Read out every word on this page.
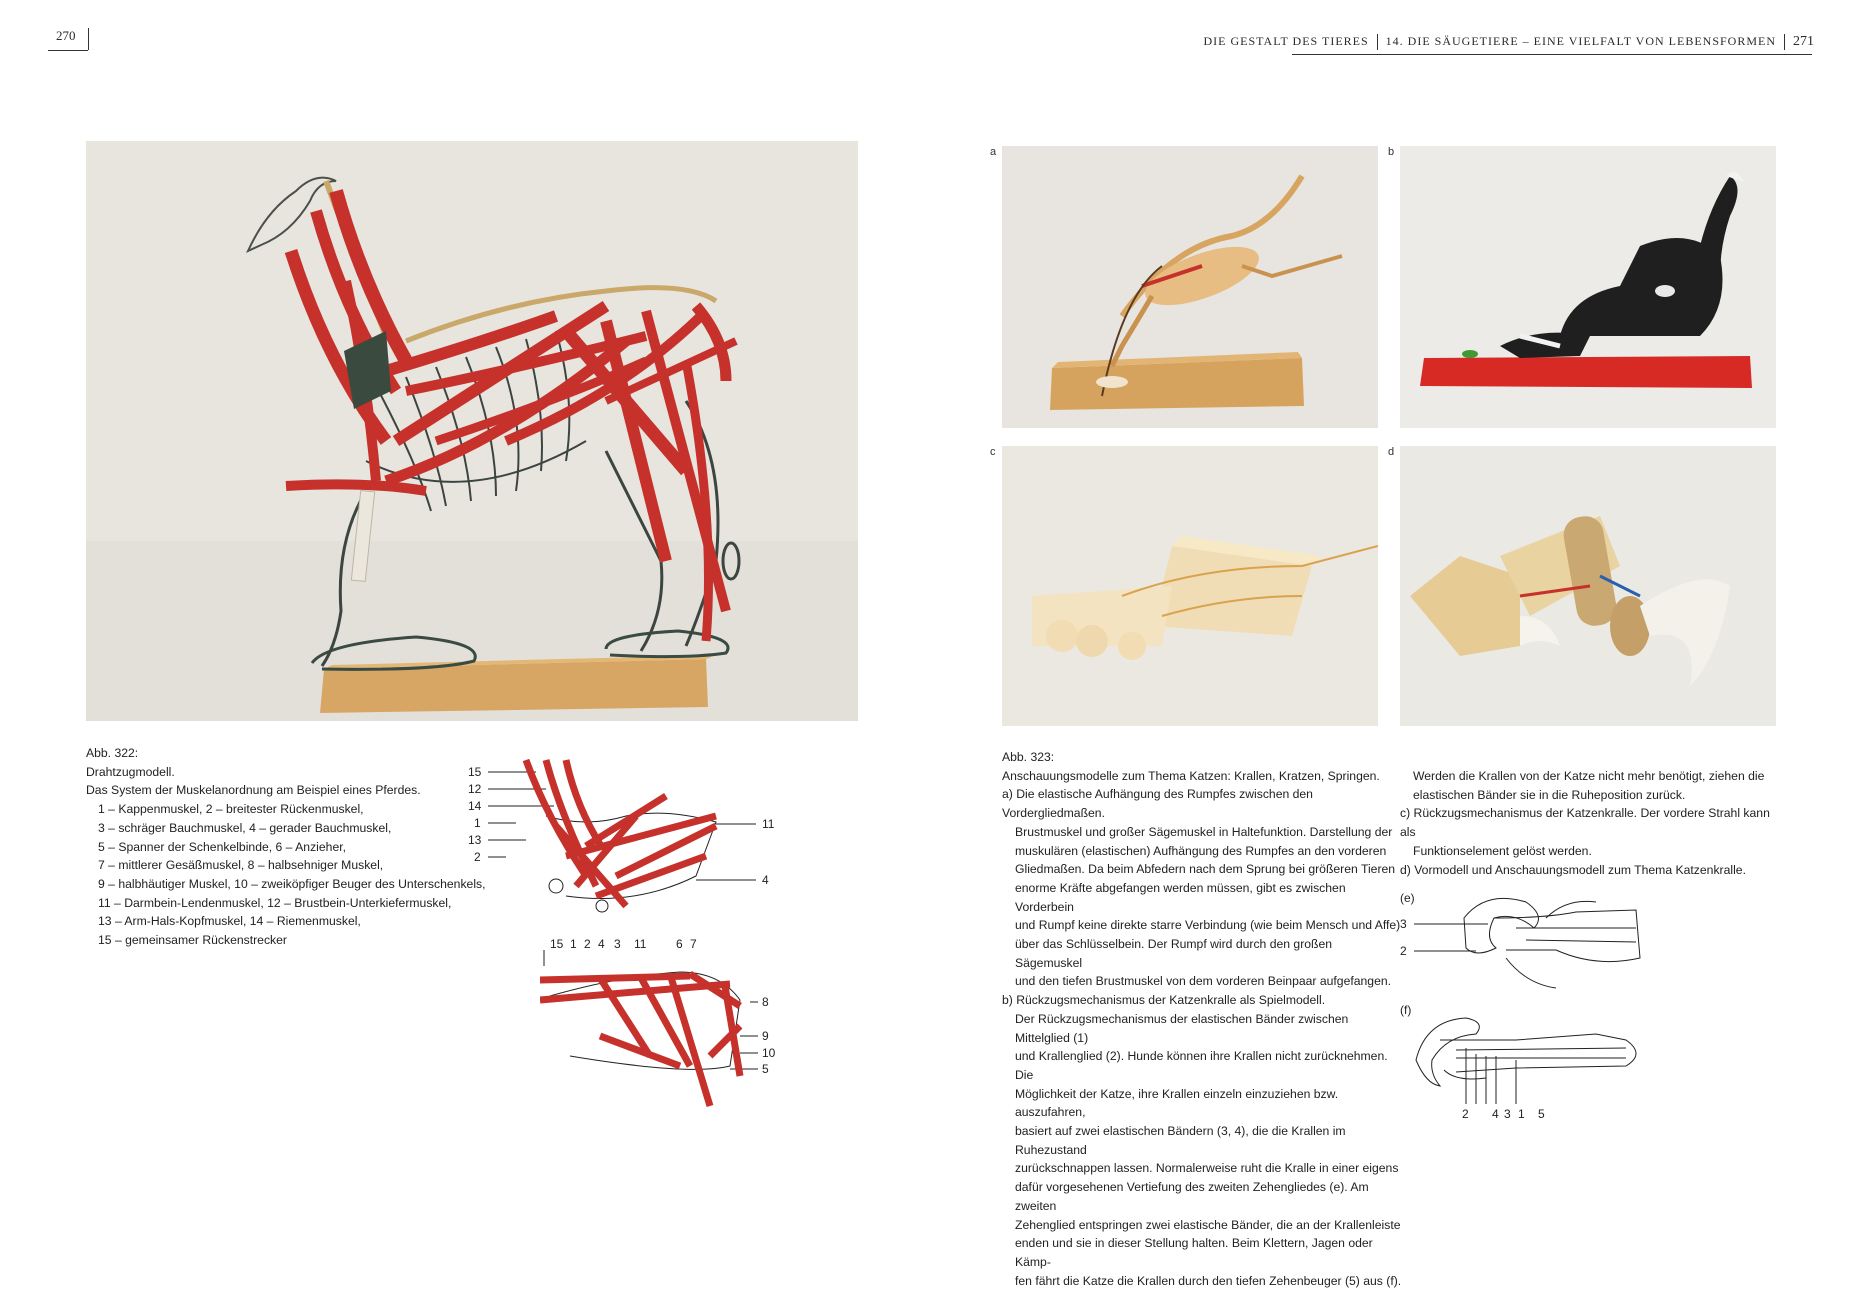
270	DIE GESTALT DES TIERES 14. DIE SÄUGETIERE – EINE VIELFALT VON LEBENSFORMEN 271

Abb. 322:

Drahtzugmodell.

Das System der Muskelanordnung am Beispiel eines Pferdes.

1 – Kappenmuskel, 2 – breitester Rückenmuskel,

3 – schräger Bauchmuskel, 4 – gerader Bauchmuskel,

5 – Spanner der Schenkelbinde, 6 – Anzieher,

7 – mittlerer Gesäßmuskel, 8 – halbsehniger Muskel,

9 – halbhäutiger Muskel, 10 – zweiköpfiger Beuger des Unterschenkels,

11 – Darmbein-Lendenmuskel, 12 – Brustbein-Unterkiefermuskel,

13 – Arm-Hals-Kopfmuskel, 14 – Riemenmuskel,

15 – gemeinsamer Rückenstrecker

15
12
14
1
13
2
11
4
15 1 2 4 3 11 6 7
8
9
10
5
a	b
c	d

Abb. 323:

Anschauungsmodelle zum Thema Katzen: Krallen, Kratzen, Springen.

a) Die elastische Aufhängung des Rumpfes zwischen den Vordergliedmaßen.

Brustmuskel und großer Sägemuskel in Haltefunktion. Darstellung der

muskulären (elastischen) Aufhängung des Rumpfes an den vorderen

Gliedmaßen. Da beim Abfedern nach dem Sprung bei größeren Tieren

enorme Kräfte abgefangen werden müssen, gibt es zwischen Vorderbein

und Rumpf keine direkte starre Verbindung (wie beim Mensch und Affe)

über das Schlüsselbein. Der Rumpf wird durch den großen Sägemuskel

und den tiefen Brustmuskel von dem vorderen Beinpaar aufgefangen.

b) Rückzugsmechanismus der Katzenkralle als Spielmodell.

Der Rückzugsmechanismus der elastischen Bänder zwischen Mittelglied (1)

und Krallenglied (2). Hunde können ihre Krallen nicht zurücknehmen. Die

Möglichkeit der Katze, ihre Krallen einzeln einzuziehen bzw. auszufahren,

basiert auf zwei elastischen Bändern (3, 4), die die Krallen im Ruhezustand

zurückschnappen lassen. Normalerweise ruht die Kralle in einer eigens

dafür vorgesehenen Vertiefung des zweiten Zehengliedes (e). Am zweiten

Zehenglied entspringen zwei elastische Bänder, die an der Krallenleiste

enden und sie in dieser Stellung halten. Beim Klettern, Jagen oder Kämp-

fen fährt die Katze die Krallen durch den tiefen Zehenbeuger (5) aus (f).

Werden die Krallen von der Katze nicht mehr benötigt, ziehen die

elastischen Bänder sie in die Ruheposition zurück.

c) Rückzugsmechanismus der Katzenkralle. Der vordere Strahl kann als

Funktionselement gelöst werden.

d) Vormodell und Anschauungsmodell zum Thema Katzenkralle.

(e)
3
2
(f)
2 4 3 1 5
